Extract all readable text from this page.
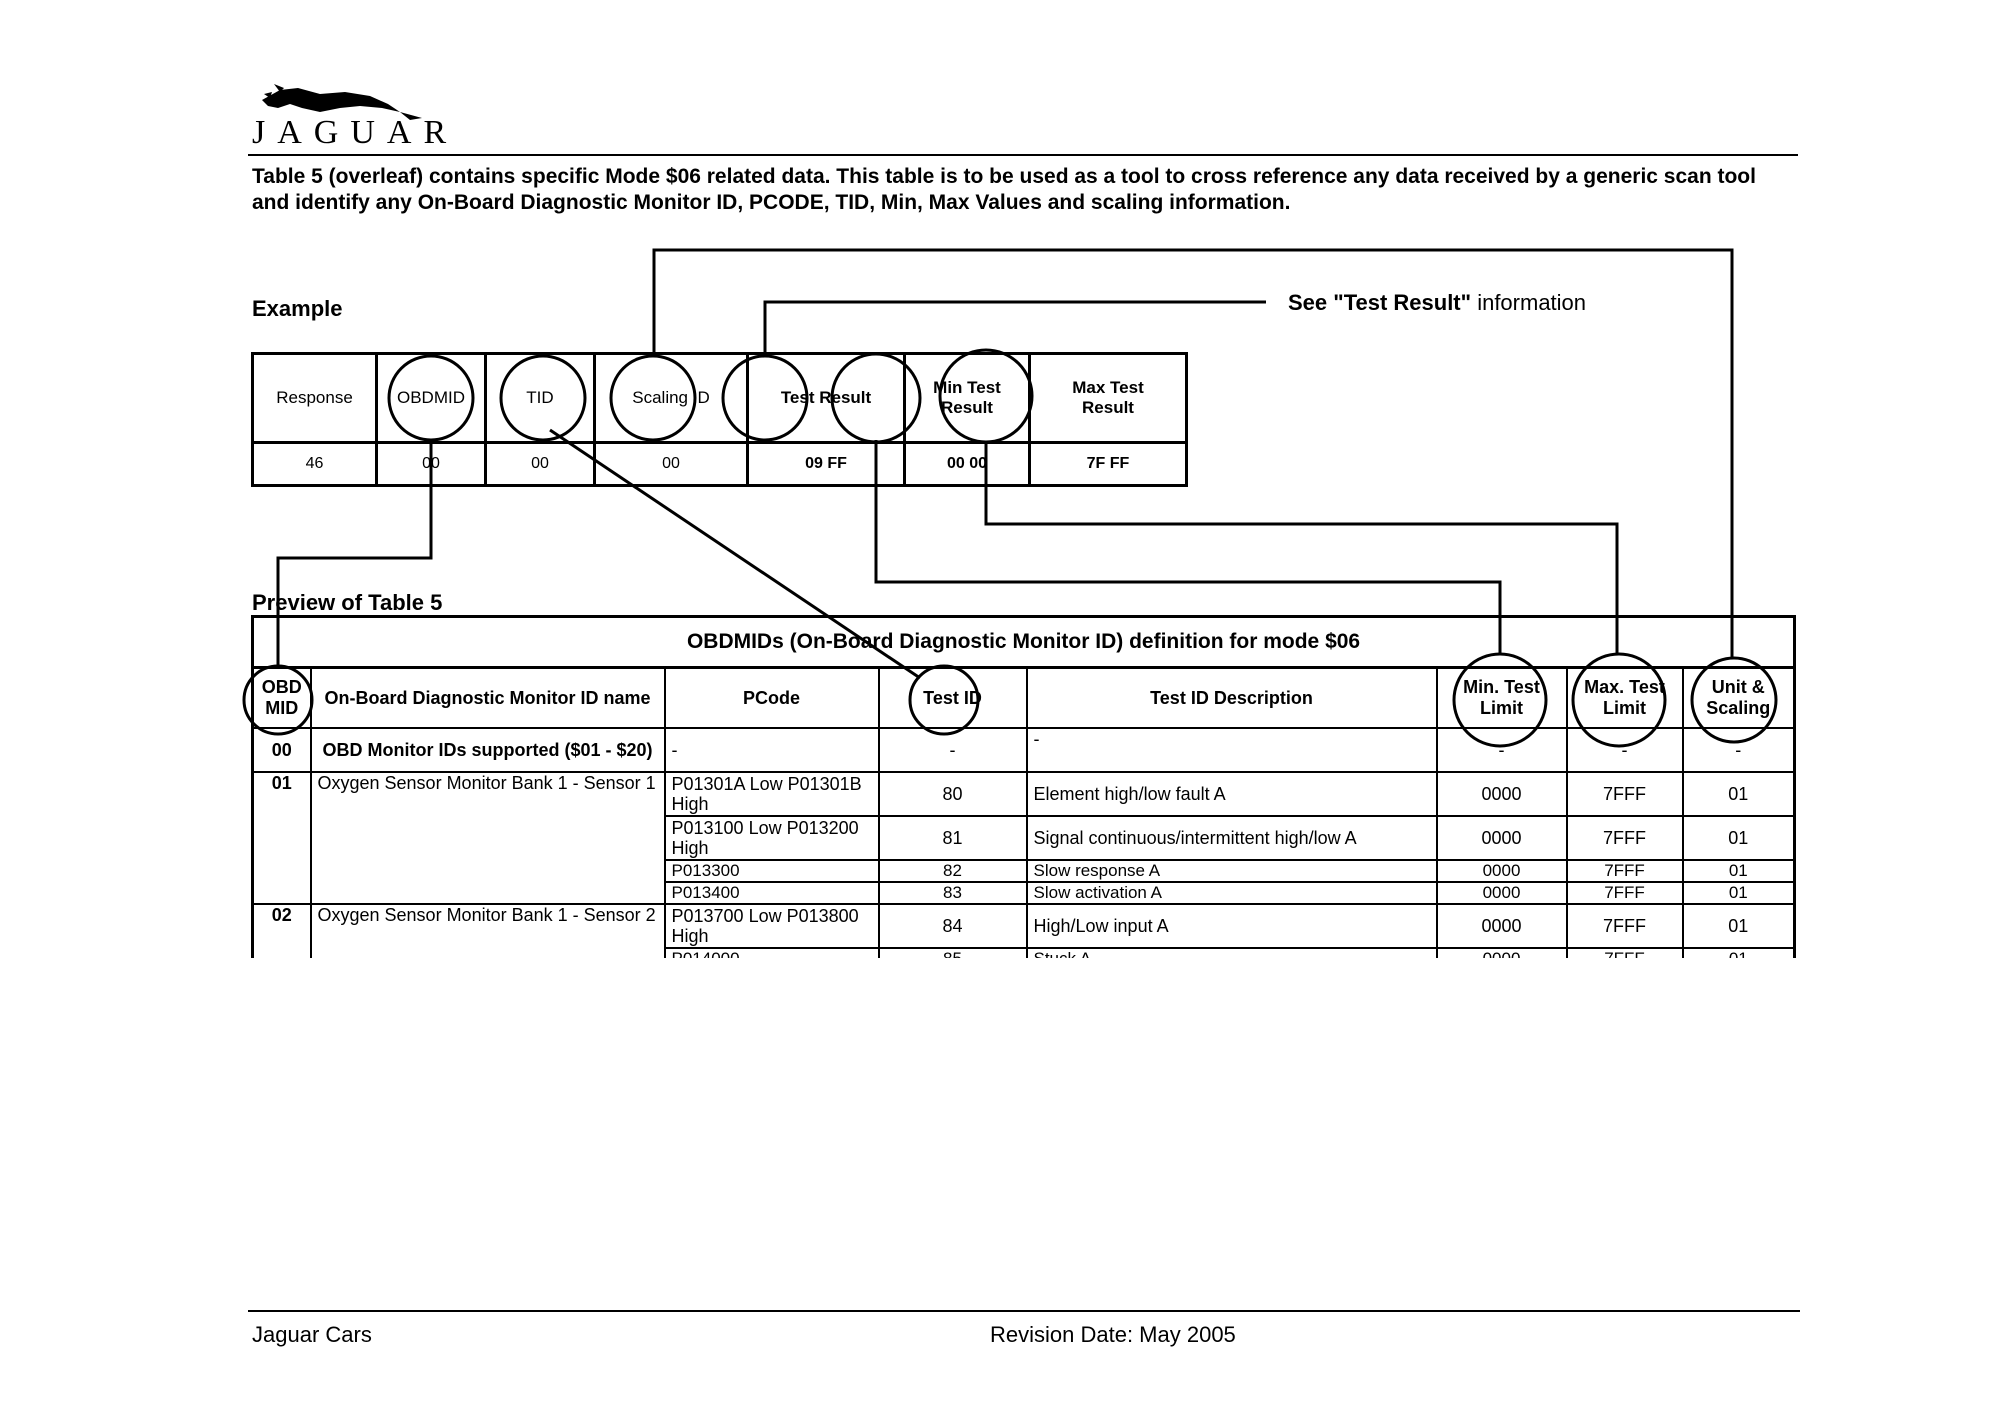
JAGUAR
Table 5 (overleaf) contains specific Mode $06 related data. This table is to be used as a tool to cross reference any data received by a generic scan tool and identify any On-Board Diagnostic Monitor ID, PCODE, TID, Min, Max Values and scaling information.
Example	See "Test Result" information
Response	OBDMID	TID	Scaling ID	Test Result	Min Test Result	Max Test Result
46	00	00	00	09 FF	00 00	7F FF
Preview of Table 5
OBDMIDs (On-Board Diagnostic Monitor ID) definition for mode $06							
OBD MID	On-Board Diagnostic Monitor ID name	PCode	Test ID	Test ID Description	Min. Test Limit	Max. Test Limit	Unit & Scaling
00	OBD Monitor IDs supported ($01 - $20)	-	-	-	-	-	-
01	Oxygen Sensor Monitor Bank 1 - Sensor 1	P01301A Low P01301B High	80	Element high/low fault A	0000	7FFF	01
		P013100 Low P013200 High	81	Signal continuous/intermittent high/low A	0000	7FFF	01
		P013300	82	Slow response A	0000	7FFF	01
		P013400	83	Slow activation A	0000	7FFF	01
02	Oxygen Sensor Monitor Bank 1 - Sensor 2	P013700 Low P013800 High	84	High/Low input A	0000	7FFF	01

Jaguar Cars	Revision Date: May 2005
